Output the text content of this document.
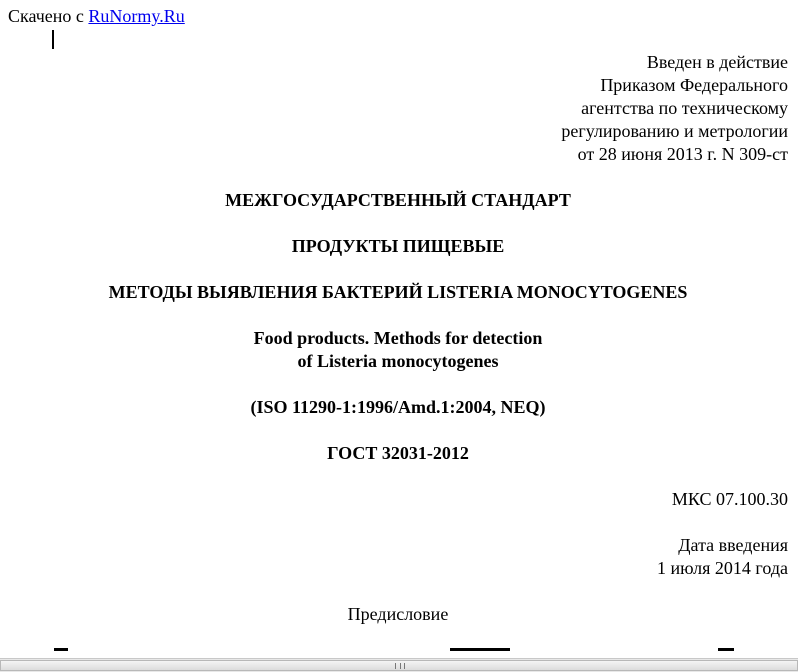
Скачено с RuNormy.Ru
Введен в действие
Приказом Федерального
агентства по техническому
регулированию и метрологии
от 28 июня 2013 г. N 309-ст
МЕЖГОСУДАРСТВЕННЫЙ СТАНДАРТ
ПРОДУКТЫ ПИЩЕВЫЕ
МЕТОДЫ ВЫЯВЛЕНИЯ БАКТЕРИЙ LISTERIA MONOCYTOGENES
Food products. Methods for detection
of Listeria monocytogenes
(ISO 11290-1:1996/Amd.1:2004, NEQ)
ГОСТ 32031-2012
МКС 07.100.30
Дата введения
1 июля 2014 года
Предисловие
